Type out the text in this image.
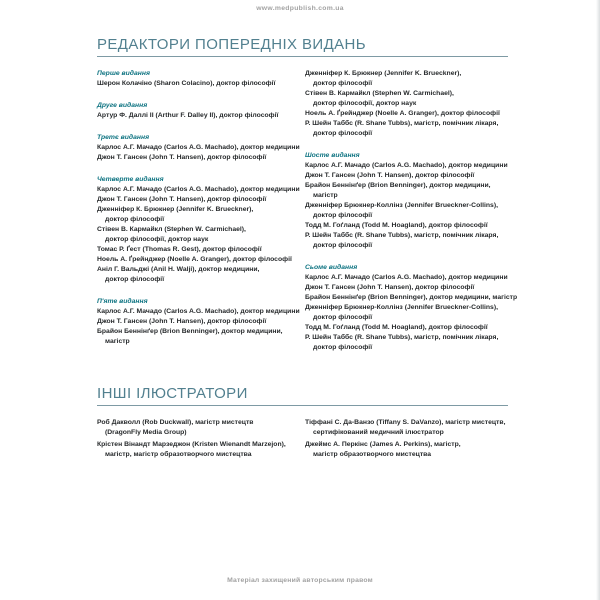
www.medpublish.com.ua
РЕДАКТОРИ ПОПЕРЕДНІХ ВИДАНЬ
Перше видання
Шерон Колачіно (Sharon Colacino), доктор філософії
Друге видання
Артур Ф. Даллі II (Arthur F. Dalley II), доктор філософії
Третє видання
Карлос А.Г. Мачадо (Carlos A.G. Machado), доктор медицини
Джон Т. Гансен (John T. Hansen), доктор філософії
Четверте видання
Карлос А.Г. Мачадо (Carlos A.G. Machado), доктор медицини
Джон Т. Гансен (John T. Hansen), доктор філософії
Дженніфер К. Брюкнер (Jennifer K. Brueckner),
доктор філософії
Стівен В. Кармайкл (Stephen W. Carmichael),
доктор філософії, доктор наук
Томас Р. Ґест (Thomas R. Gest), доктор філософії
Ноель А. Ґрейнджер (Noelle A. Granger), доктор філософії
Аніл Г. Вальджі (Anil H. Walji), доктор медицини,
доктор філософії
П'яте видання
Карлос А.Г. Мачадо (Carlos A.G. Machado), доктор медицини
Джон Т. Гансен (John T. Hansen), доктор філософії
Брайон Беннінґер (Brion Benninger), доктор медицини,
магістр
Дженніфер К. Брюкнер (Jennifer K. Brueckner),
доктор філософії
Стівен В. Кармайкл (Stephen W. Carmichael),
доктор філософії, доктор наук
Ноель А. Ґрейнджер (Noelle A. Granger), доктор філософії
Р. Шейн Таббс (R. Shane Tubbs), магістр, помічник лікаря,
доктор філософії
Шосте видання
Карлос А.Г. Мачадо (Carlos A.G. Machado), доктор медицини
Джон Т. Гансен (John T. Hansen), доктор філософії
Брайон Беннінґер (Brion Benninger), доктор медицини,
магістр
Дженніфер Брюкнер-Коллінз (Jennifer Brueckner-Collins),
доктор філософії
Тодд М. Гоґланд (Todd M. Hoagland), доктор філософії
Р. Шейн Таббс (R. Shane Tubbs), магістр, помічник лікаря,
доктор філософії
Сьоме видання
Карлос А.Г. Мачадо (Carlos A.G. Machado), доктор медицини
Джон Т. Гансен (John T. Hansen), доктор філософії
Брайон Беннінґер (Brion Benninger), доктор медицини, магістр
Дженніфер Брюкнер-Коллінз (Jennifer Brueckner-Collins),
доктор філософії
Тодд М. Гоґланд (Todd M. Hoagland), доктор філософії
Р. Шейн Таббс (R. Shane Tubbs), магістр, помічник лікаря,
доктор філософії
ІНШІ ІЛЮСТРАТОРИ
Роб Дакволл (Rob Duckwall), магістр мистецтв
(DragonFly Media Group)
Крістен Вінандт Марзеджон (Kristen Wienandt Marzejon),
магістр, магістр образотворчого мистецтва
Тіффані С. Да-Ванзо (Tiffany S. DaVanzo), магістр мистецтв,
сертифікований медичний ілюстратор
Джеймс А. Перкінс (James A. Perkins), магістр,
магістр образотворчого мистецтва
Матеріал захищений авторським правом
